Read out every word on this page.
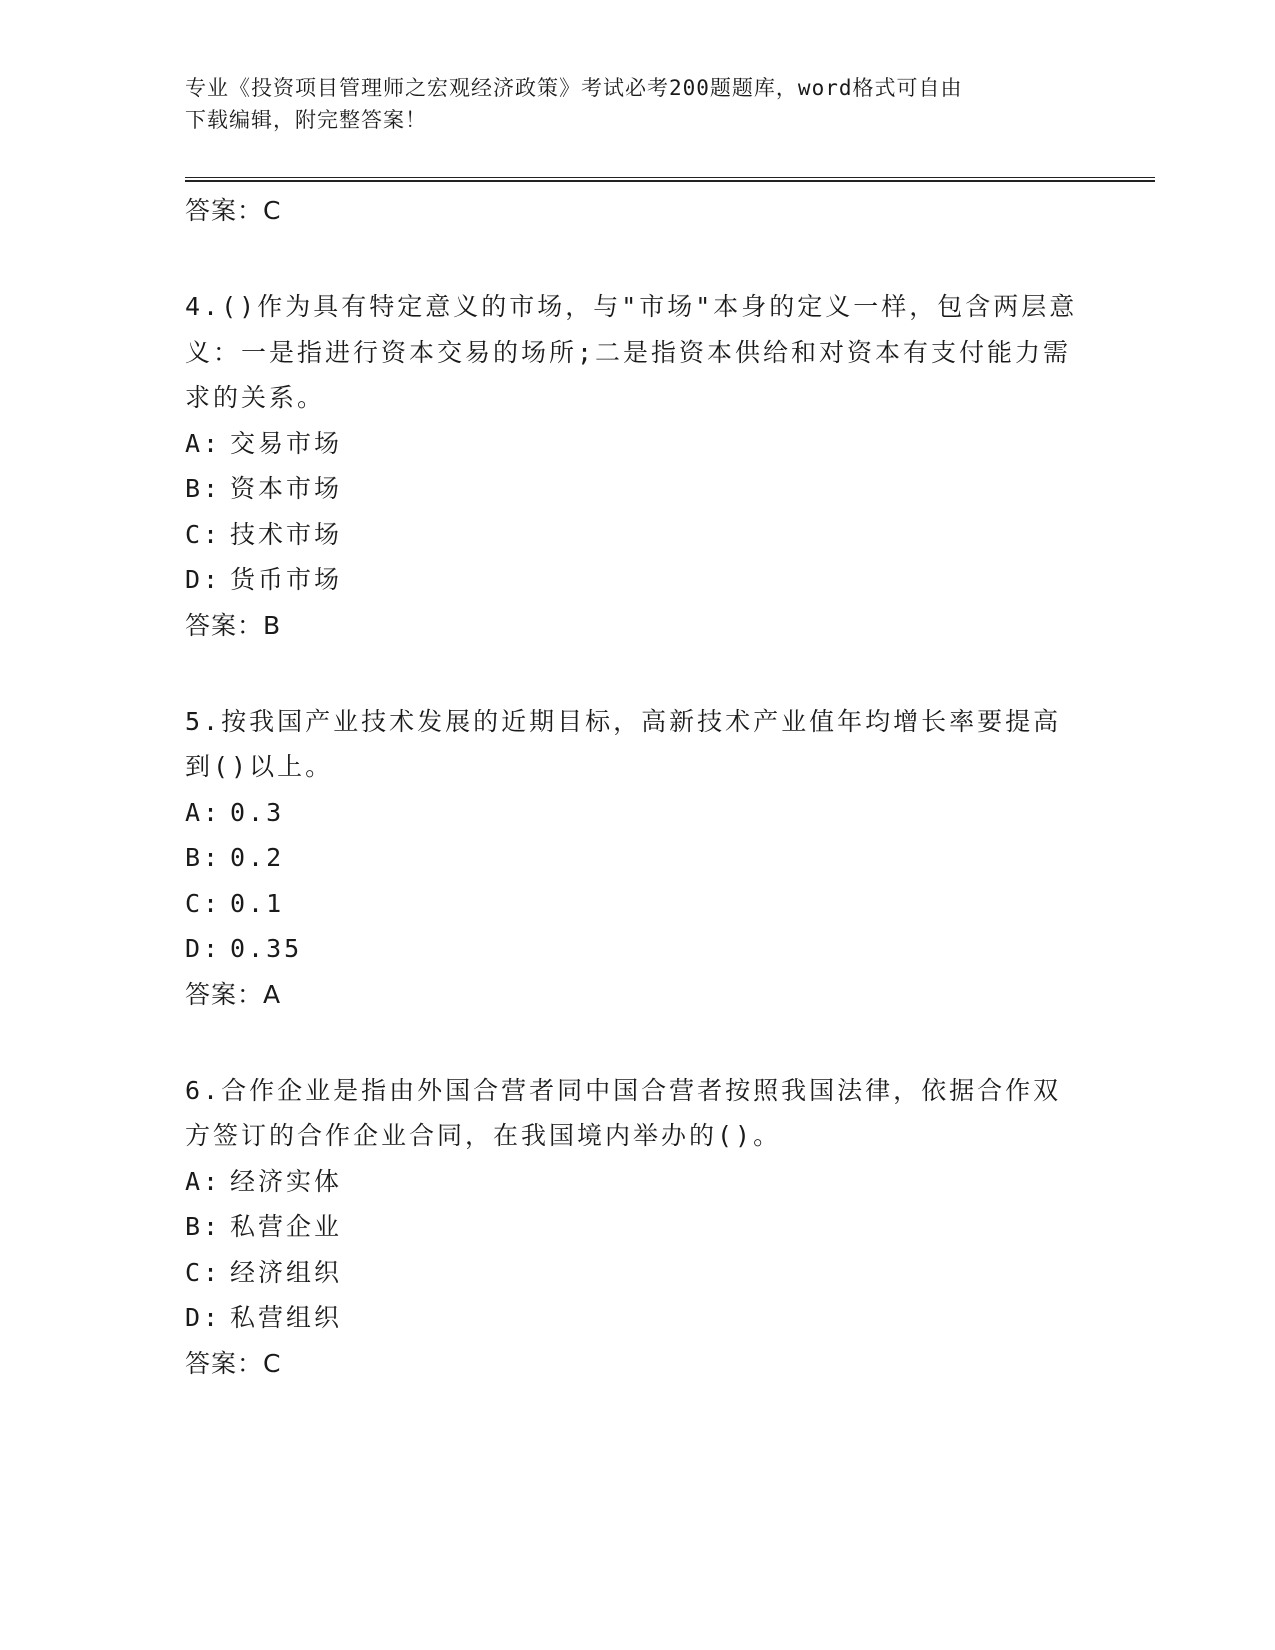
专业《投资项目管理师之宏观经济政策》考试必考200题题库，word格式可自由
下载编辑，附完整答案！
答案：C
4.()作为具有特定意义的市场，与"市场"本身的定义一样，包含两层意义：一是指进行资本交易的场所;二是指资本供给和对资本有支付能力需求的关系。
A: 交易市场
B: 资本市场
C: 技术市场
D: 货币市场
答案：B
5.按我国产业技术发展的近期目标，高新技术产业值年均增长率要提高到()以上。
A: 0.3
B: 0.2
C: 0.1
D: 0.35
答案：A
6.合作企业是指由外国合营者同中国合营者按照我国法律，依据合作双方签订的合作企业合同，在我国境内举办的()。
A: 经济实体
B: 私营企业
C: 经济组织
D: 私营组织
答案：C
